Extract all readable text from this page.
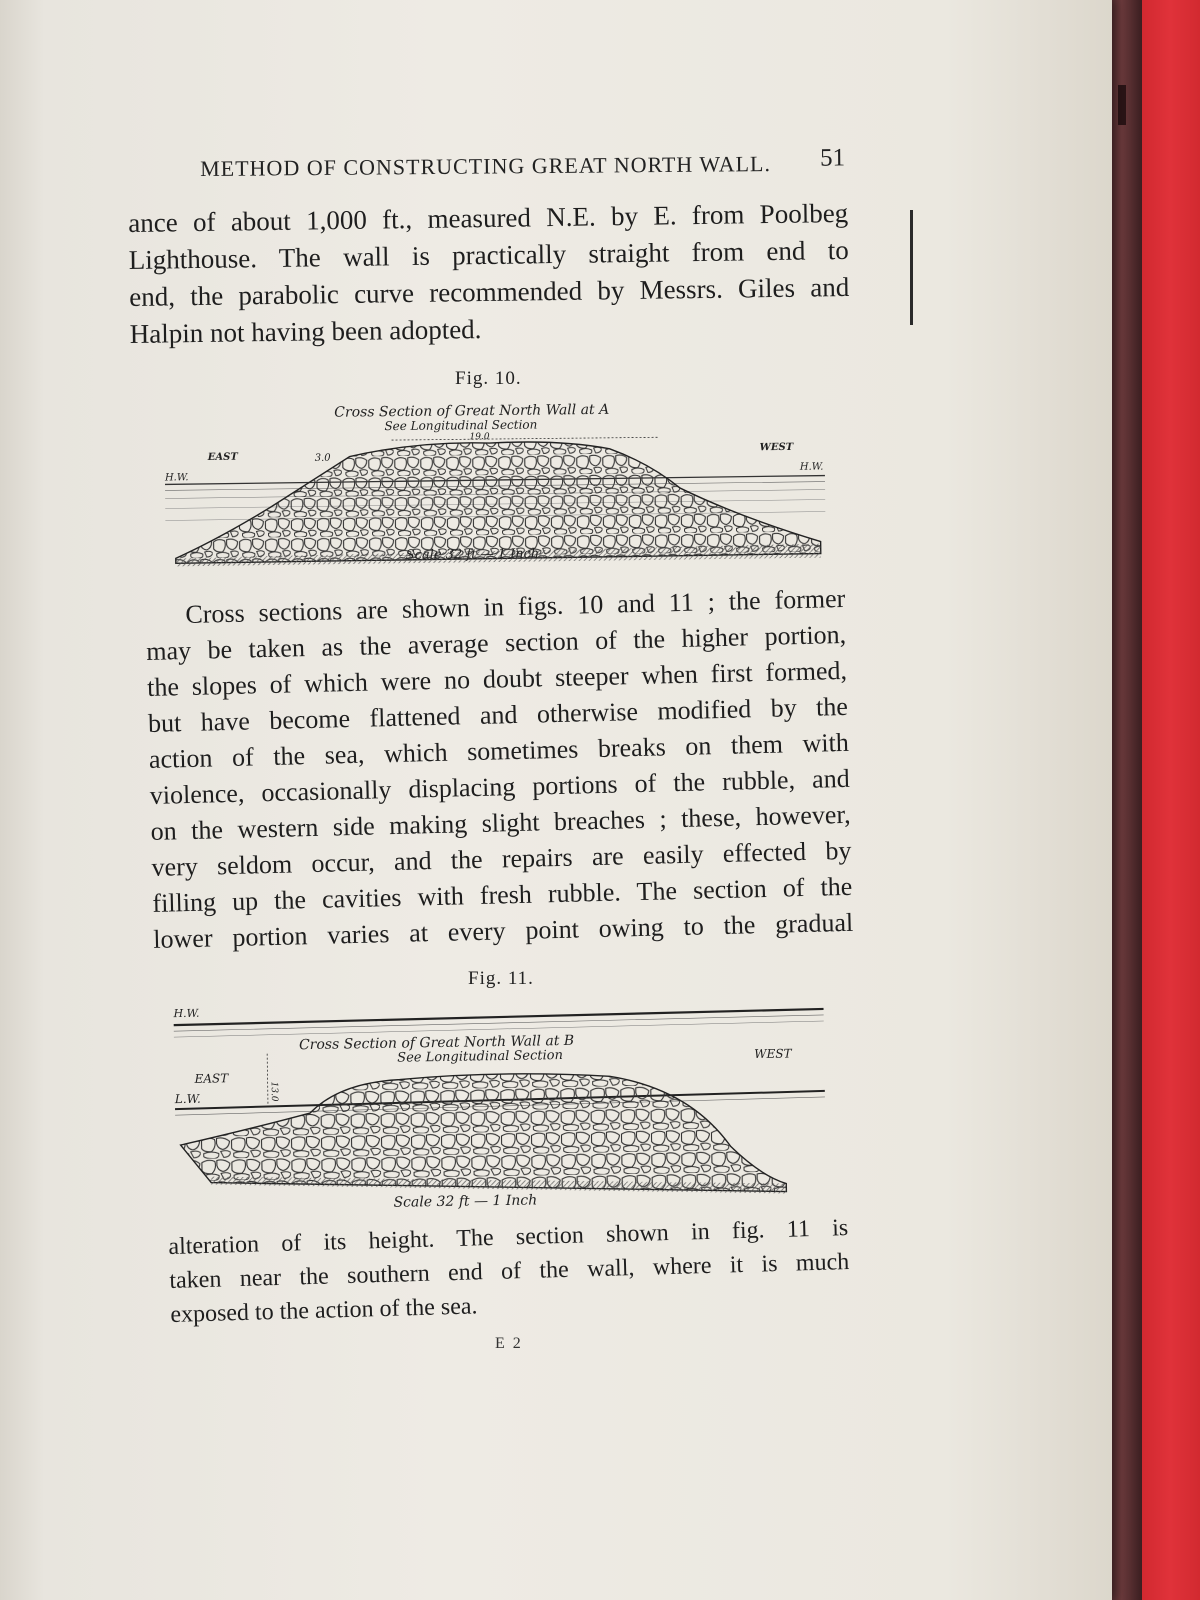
METHOD OF CONSTRUCTING GREAT NORTH WALL. 51
ance of about 1,000 ft., measured N.E. by E. from Poolbeg
Lighthouse. The wall is practically straight from end to
end, the parabolic curve recommended by Messrs. Giles and
Halpin not having been adopted.
Fig. 10.
Cross Section of Great North Wall at A
See Longitudinal Section
19.0
EAST
WEST
H.W.
H.W.
3.0
Scale 32 ft — 1 Inch
Cross sections are shown in figs. 10 and 11 ; the former
may be taken as the average section of the higher portion,
the slopes of which were no doubt steeper when first formed,
but have become flattened and otherwise modified by the
action of the sea, which sometimes breaks on them with
violence, occasionally displacing portions of the rubble, and
on the western side making slight breaches ; these, however,
very seldom occur, and the repairs are easily effected by
filling up the cavities with fresh rubble. The section of the
lower portion varies at every point owing to the gradual
Fig. 11.
H.W.
Cross Section of Great North Wall at B
See Longitudinal Section
EAST
WEST
13.0
L.W.
Scale 32 ft — 1 Inch
alteration of its height. The section shown in fig. 11 is
taken near the southern end of the wall, where it is much
exposed to the action of the sea.
E 2
